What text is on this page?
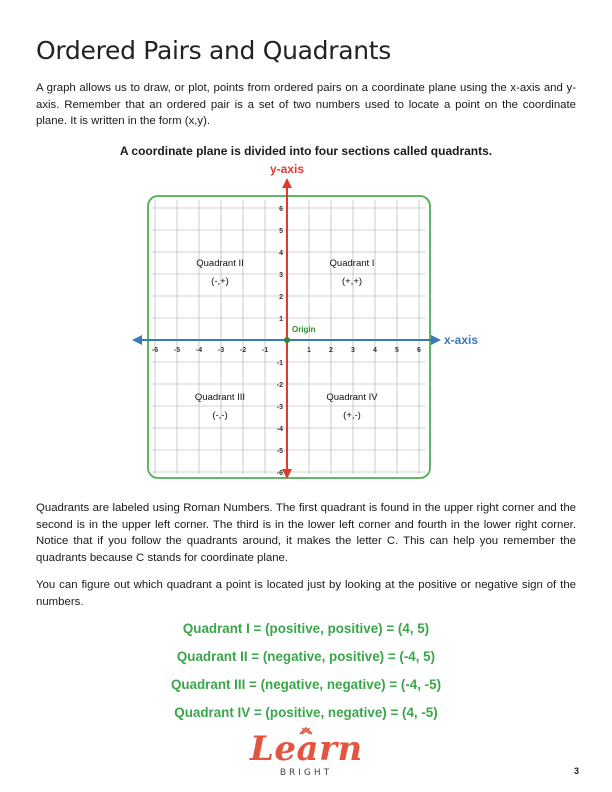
Ordered Pairs and Quadrants

A graph allows us to draw, or plot, points from ordered pairs on a coordinate plane using the x-axis and y-axis. Remember that an ordered pair is a set of two numbers used to locate a point on the coordinate plane. It is written in the form (x,y).

A coordinate plane is divided into four sections called quadrants.

-6 -5 -4 -3 -2 -1	1	2	3	4	5	6
6
5
4
3
2
1
-1
-2
-3
-4
-5
-6
y-axis
x-axis
Origin
Quadrant I
(+,+)
Quadrant II
(-,+)
Quadrant III
(-,-)
Quadrant IV
(+,-)

Quadrants are labeled using Roman Numbers. The first quadrant is found in the upper right corner and the second is in the upper left corner. The third is in the lower left corner and fourth in the lower right corner. Notice that if you follow the quadrants around, it makes the letter C. This can help you remember the quadrants because C stands for coordinate plane.

You can figure out which quadrant a point is located just by looking at the positive or negative sign of the numbers.

Quadrant I = (positive, positive) = (4, 5)

Quadrant II = (negative, positive) = (-4, 5)

Quadrant III = (negative, negative) = (-4, -5)

Quadrant IV = (positive, negative) = (4, -5)

Learn
BRIGHT	3
